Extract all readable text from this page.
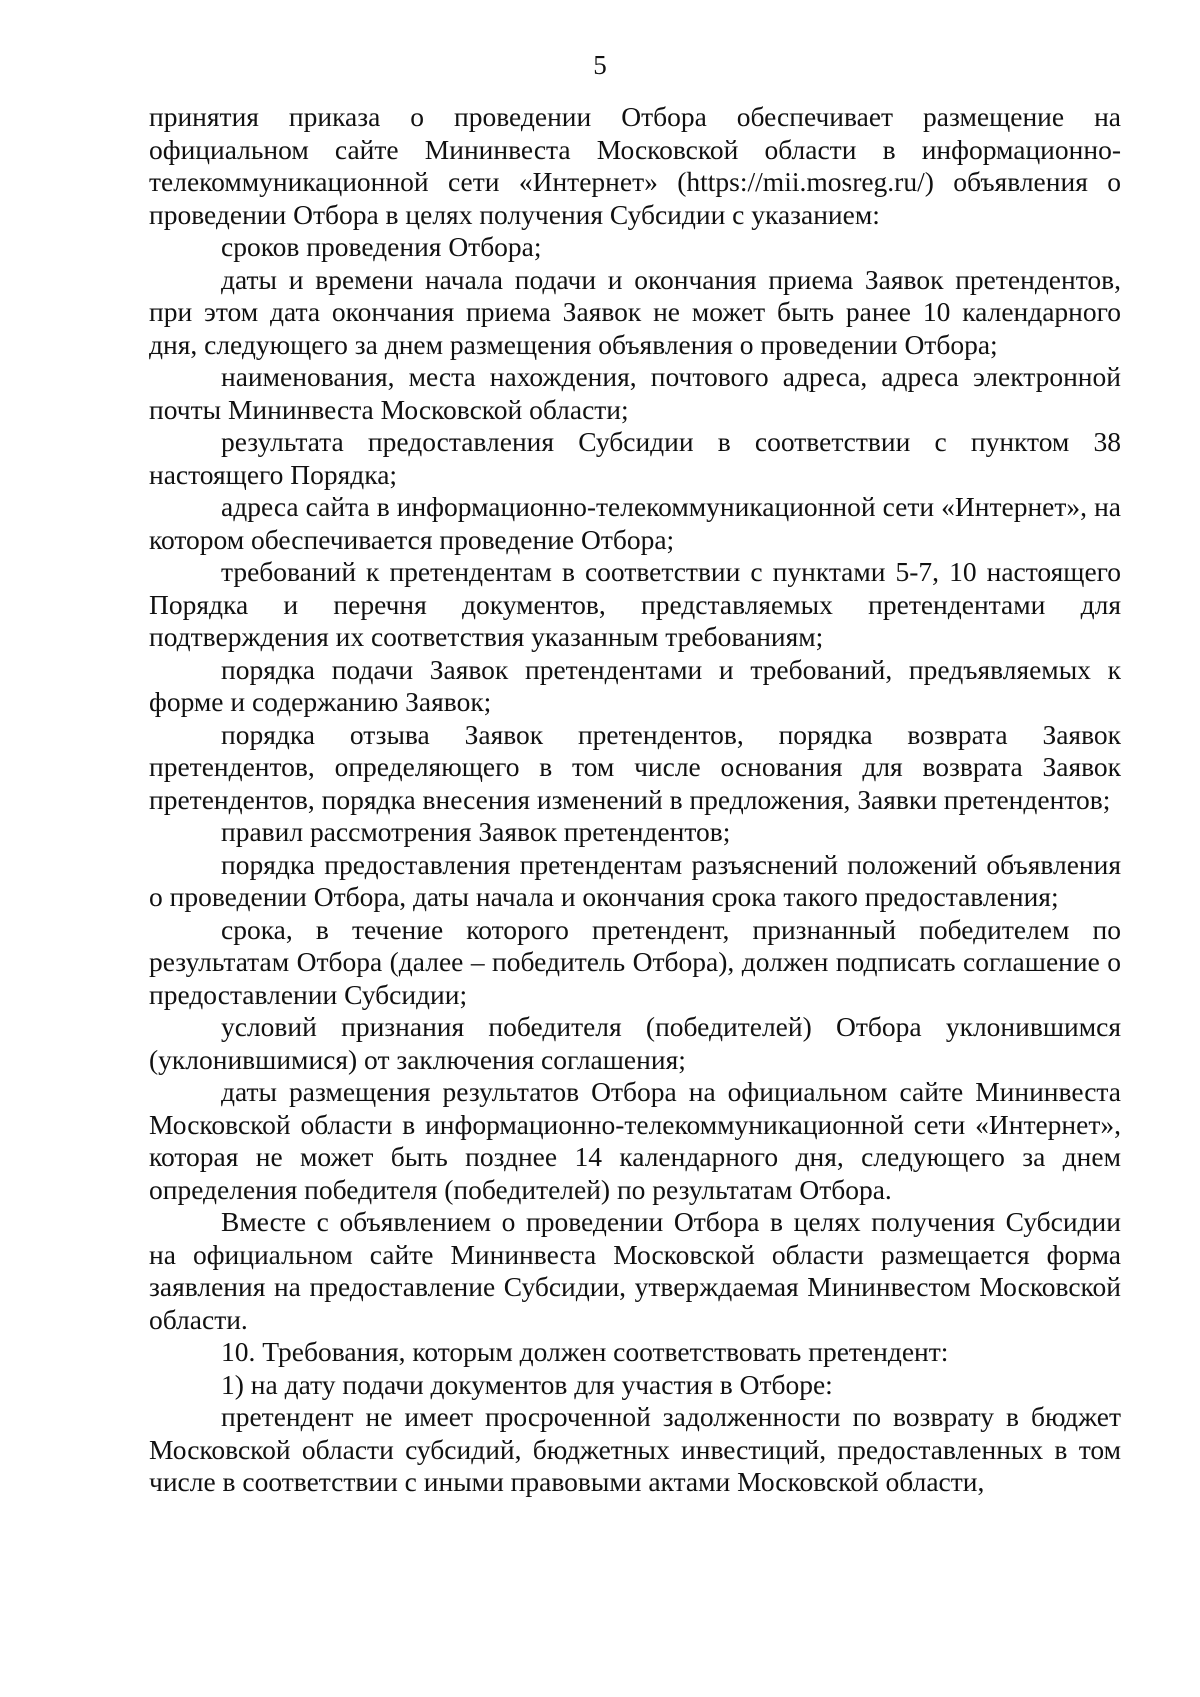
5

принятия приказа о проведении Отбора обеспечивает размещение на официальном сайте Мининвеста Московской области в информационно-телекоммуникационной сети «Интернет» (https://mii.mosreg.ru/) объявления о проведении Отбора в целях получения Субсидии с указанием:

сроков проведения Отбора;

даты и времени начала подачи и окончания приема Заявок претендентов, при этом дата окончания приема Заявок не может быть ранее 10 календарного дня, следующего за днем размещения объявления о проведении Отбора;

наименования, места нахождения, почтового адреса, адреса электронной почты Мининвеста Московской области;

результата предоставления Субсидии в соответствии с пунктом 38 настоящего Порядка;

адреса сайта в информационно-телекоммуникационной сети «Интернет», на котором обеспечивается проведение Отбора;

требований к претендентам в соответствии с пунктами 5-7, 10 настоящего Порядка и перечня документов, представляемых претендентами для подтверждения их соответствия указанным требованиям;

порядка подачи Заявок претендентами и требований, предъявляемых к форме и содержанию Заявок;

порядка отзыва Заявок претендентов, порядка возврата Заявок претендентов, определяющего в том числе основания для возврата Заявок претендентов, порядка внесения изменений в предложения, Заявки претендентов;

правил рассмотрения Заявок претендентов;

порядка предоставления претендентам разъяснений положений объявления о проведении Отбора, даты начала и окончания срока такого предоставления;

срока, в течение которого претендент, признанный победителем по результатам Отбора (далее – победитель Отбора), должен подписать соглашение о предоставлении Субсидии;

условий признания победителя (победителей) Отбора уклонившимся (уклонившимися) от заключения соглашения;

даты размещения результатов Отбора на официальном сайте Мининвеста Московской области в информационно-телекоммуникационной сети «Интернет», которая не может быть позднее 14 календарного дня, следующего за днем определения победителя (победителей) по результатам Отбора.

Вместе с объявлением о проведении Отбора в целях получения Субсидии на официальном сайте Мининвеста Московской области размещается форма заявления на предоставление Субсидии, утверждаемая Мининвестом Московской области.

10. Требования, которым должен соответствовать претендент:

1) на дату подачи документов для участия в Отборе:

претендент не имеет просроченной задолженности по возврату в бюджет Московской области субсидий, бюджетных инвестиций, предоставленных в том числе в соответствии с иными правовыми актами Московской области,
